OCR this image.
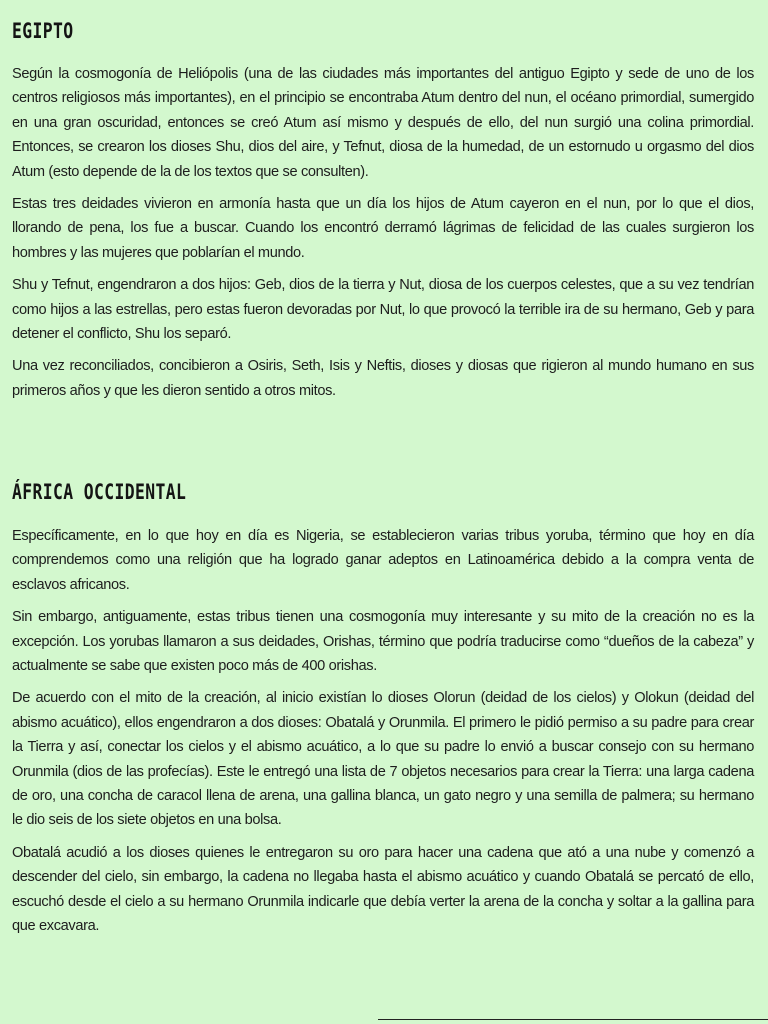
EGIPTO

Según la cosmogonía de Heliópolis (una de las ciudades más importantes del antiguo Egipto y sede de uno de los centros religiosos más importantes), en el principio se encontraba Atum dentro del nun, el océano primordial, sumergido en una gran oscuridad, entonces se creó Atum así mismo y después de ello, del nun surgió una colina primordial. Entonces, se crearon los dioses Shu, dios del aire, y Tefnut, diosa de la humedad, de un estornudo u orgasmo del dios Atum (esto depende de la de los textos que se consulten).

Estas tres deidades vivieron en armonía hasta que un día los hijos de Atum cayeron en el nun, por lo que el dios, llorando de pena, los fue a buscar. Cuando los encontró derramó lágrimas de felicidad de las cuales surgieron los hombres y las mujeres que poblarían el mundo.

Shu y Tefnut, engendraron a dos hijos: Geb, dios de la tierra y Nut, diosa de los cuerpos celestes, que a su vez tendrían como hijos a las estrellas, pero estas fueron devoradas por Nut, lo que provocó la terrible ira de su hermano, Geb y para detener el conflicto, Shu los separó.

Una vez reconciliados, concibieron a Osiris, Seth, Isis y Neftis, dioses y diosas que rigieron al mundo humano en sus primeros años y que les dieron sentido a otros mitos.

ÁFRICA OCCIDENTAL

Específicamente, en lo que hoy en día es Nigeria, se establecieron varias tribus yoruba, término que hoy en día comprendemos como una religión que ha logrado ganar adeptos en Latinoamérica debido a la compra venta de esclavos africanos.

Sin embargo, antiguamente, estas tribus tienen una cosmogonía muy interesante y su mito de la creación no es la excepción. Los yorubas llamaron a sus deidades, Orishas, término que podría traducirse como “dueños de la cabeza” y actualmente se sabe que existen poco más de 400 orishas.

De acuerdo con el mito de la creación, al inicio existían lo dioses Olorun (deidad de los cielos) y Olokun (deidad del abismo acuático), ellos engendraron a dos dioses: Obatalá y Orunmila. El primero le pidió permiso a su padre para crear la Tierra y así, conectar los cielos y el abismo acuático, a lo que su padre lo envió a buscar consejo con su hermano Orunmila (dios de las profecías). Este le entregó una lista de 7 objetos necesarios para crear la Tierra: una larga cadena de oro, una concha de caracol llena de arena, una gallina blanca, un gato negro y una semilla de palmera; su hermano le dio seis de los siete objetos en una bolsa.

Obatalá acudió a los dioses quienes le entregaron su oro para hacer una cadena que ató a una nube y comenzó a descender del cielo, sin embargo, la cadena no llegaba hasta el abismo acuático y cuando Obatalá se percató de ello, escuchó desde el cielo a su hermano Orunmila indicarle que debía verter la arena de la concha y soltar a la gallina para que excavara.
